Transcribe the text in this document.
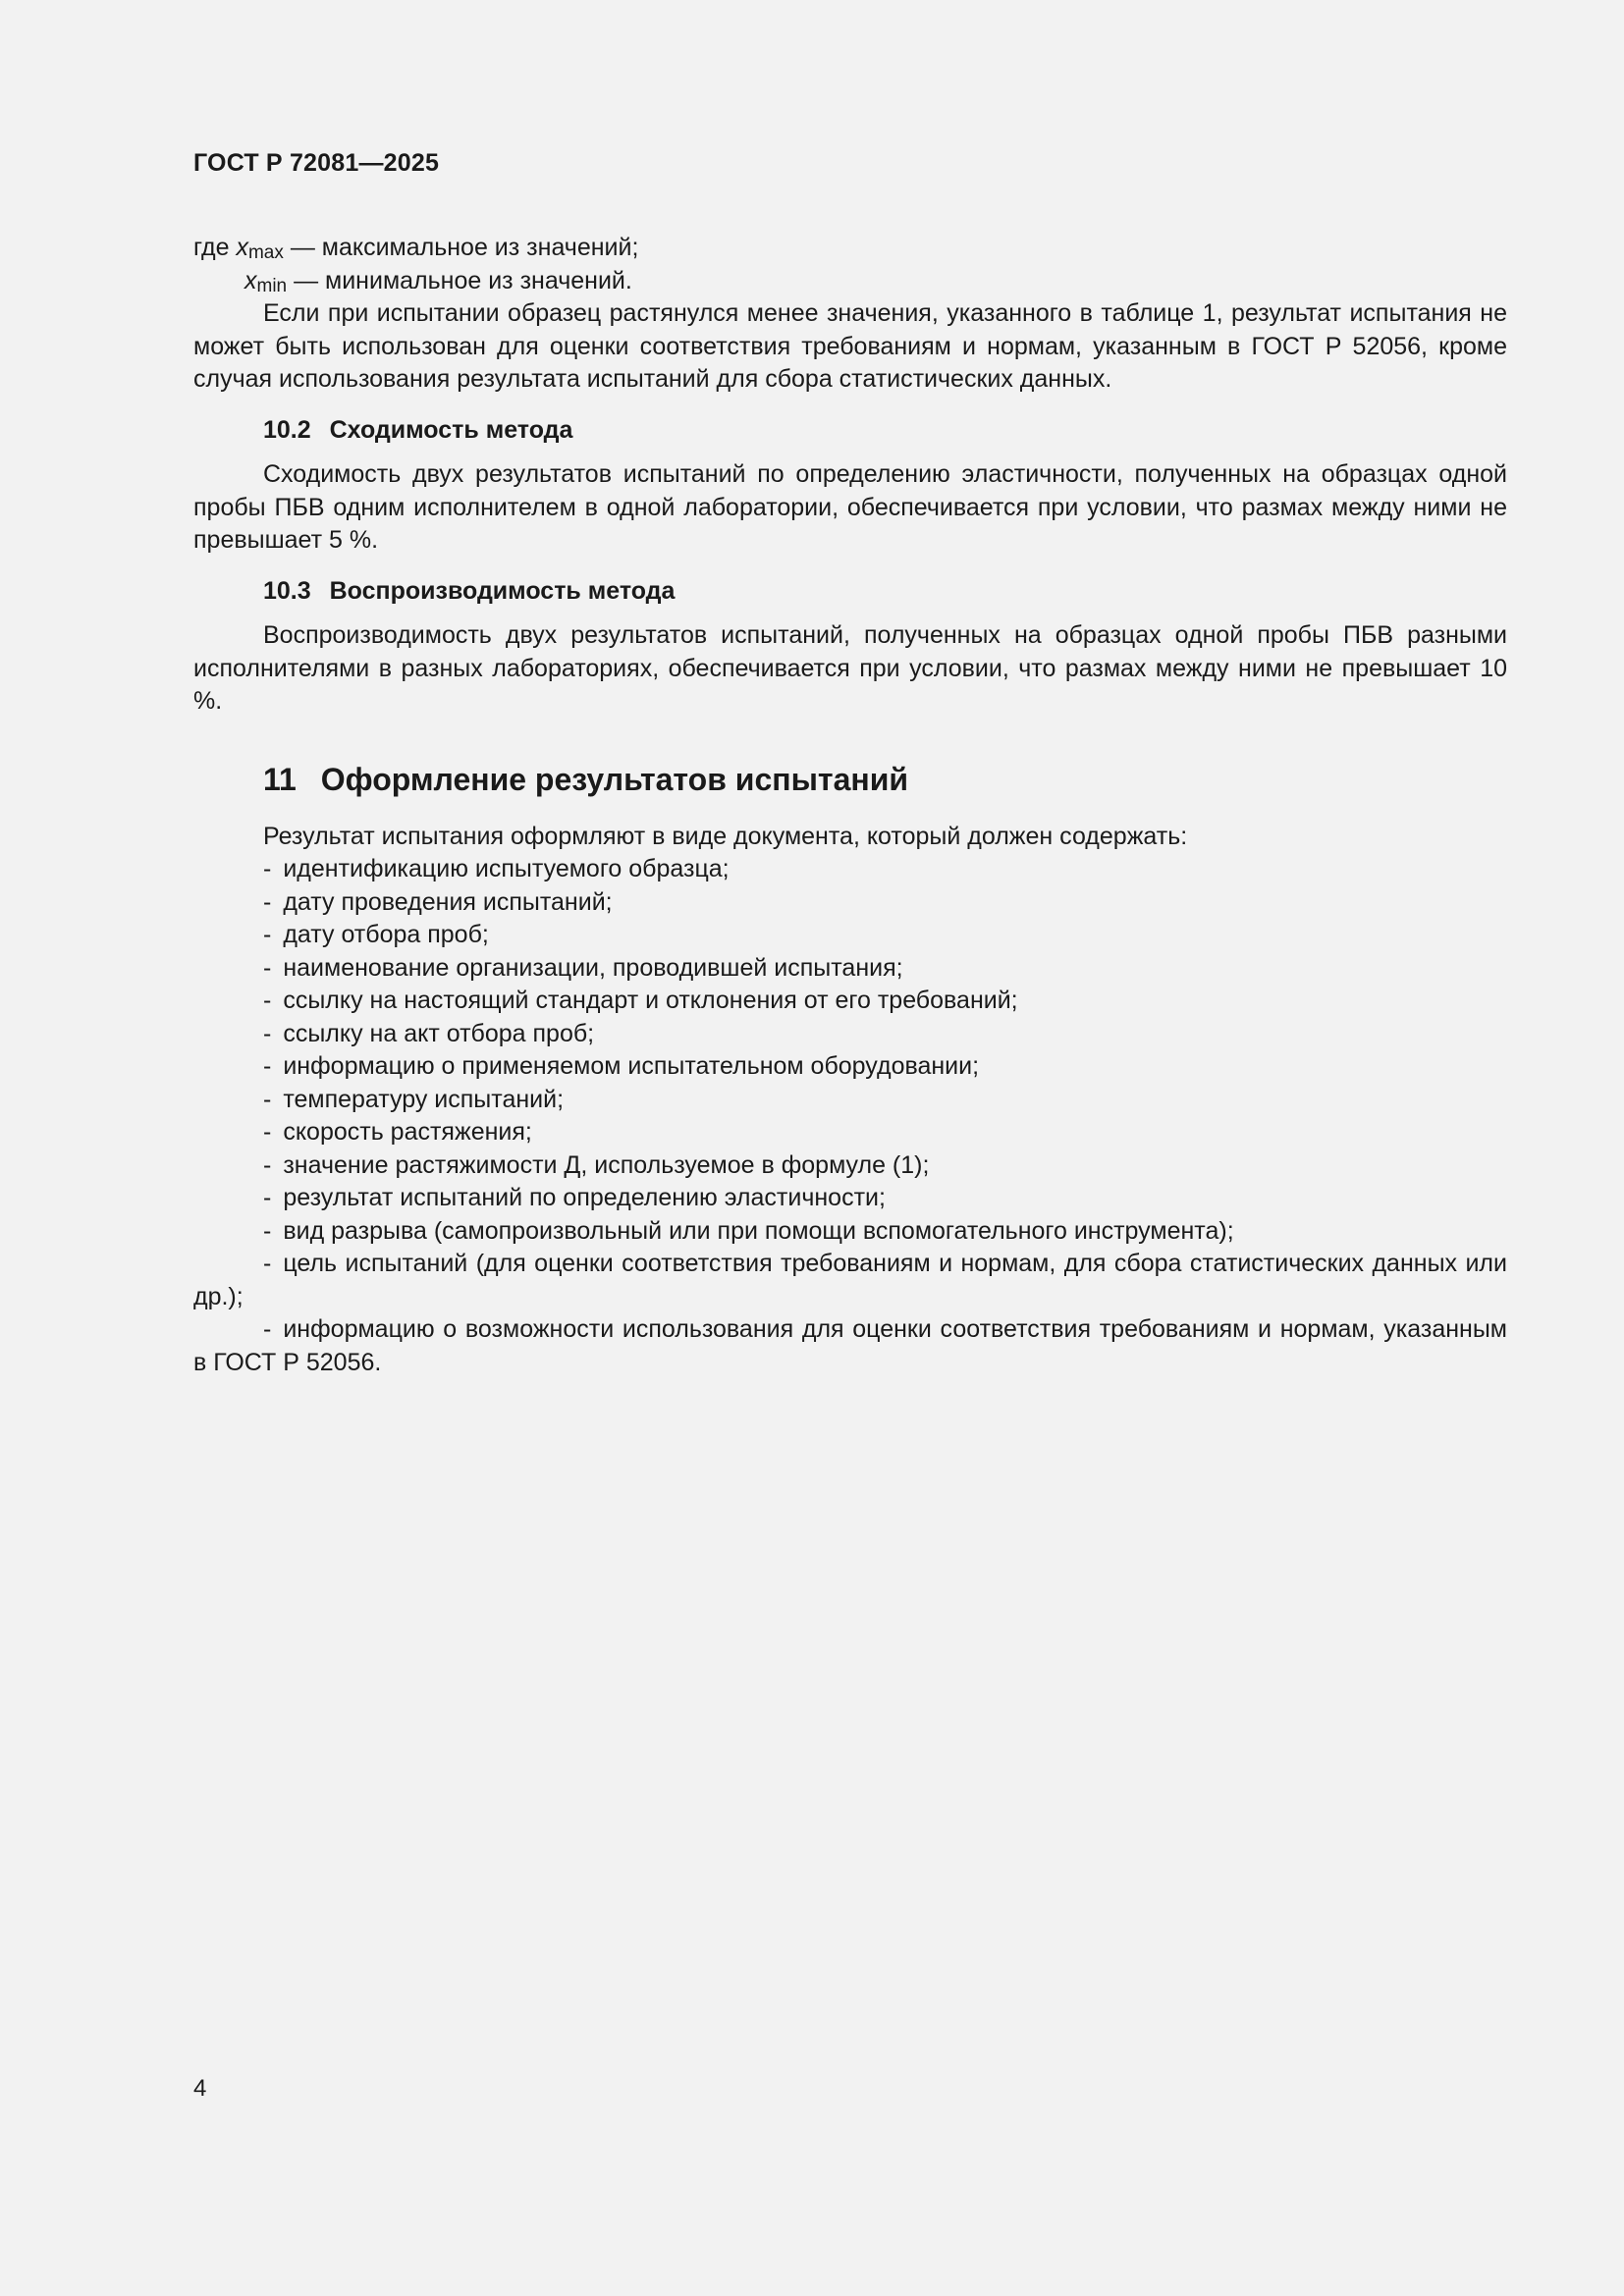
ГОСТ Р 72081—2025
где $x_{max}$ — максимальное из значений;
$x_{min}$ — минимальное из значений.

Если при испытании образец растянулся менее значения, указанного в таблице 1, результат испытания не может быть использован для оценки соответствия требованиям и нормам, указанным в ГОСТ Р 52056, кроме случая использования результата испытаний для сбора статистических данных.

10.2 Сходимость метода

Сходимость двух результатов испытаний по определению эластичности, полученных на образцах одной пробы ПБВ одним исполнителем в одной лаборатории, обеспечивается при условии, что размах между ними не превышает 5 %.

10.3 Воспроизводимость метода

Воспроизводимость двух результатов испытаний, полученных на образцах одной пробы ПБВ разными исполнителями в разных лабораториях, обеспечивается при условии, что размах между ними не превышает 10 %.

11 Оформление результатов испытаний

Результат испытания оформляют в виде документа, который должен содержать:

- идентификацию испытуемого образца;
- дату проведения испытаний;
- дату отбора проб;
- наименование организации, проводившей испытания;
- ссылку на настоящий стандарт и отклонения от его требований;
- ссылку на акт отбора проб;
- информацию о применяемом испытательном оборудовании;
- температуру испытаний;
- скорость растяжения;
- значение растяжимости Д, используемое в формуле (1);
- результат испытаний по определению эластичности;
- вид разрыва (самопроизвольный или при помощи вспомогательного инструмента);
- цель испытаний (для оценки соответствия требованиям и нормам, для сбора статистических данных или др.);
- информацию о возможности использования для оценки соответствия требованиям и нормам, указанным в ГОСТ Р 52056.
4
